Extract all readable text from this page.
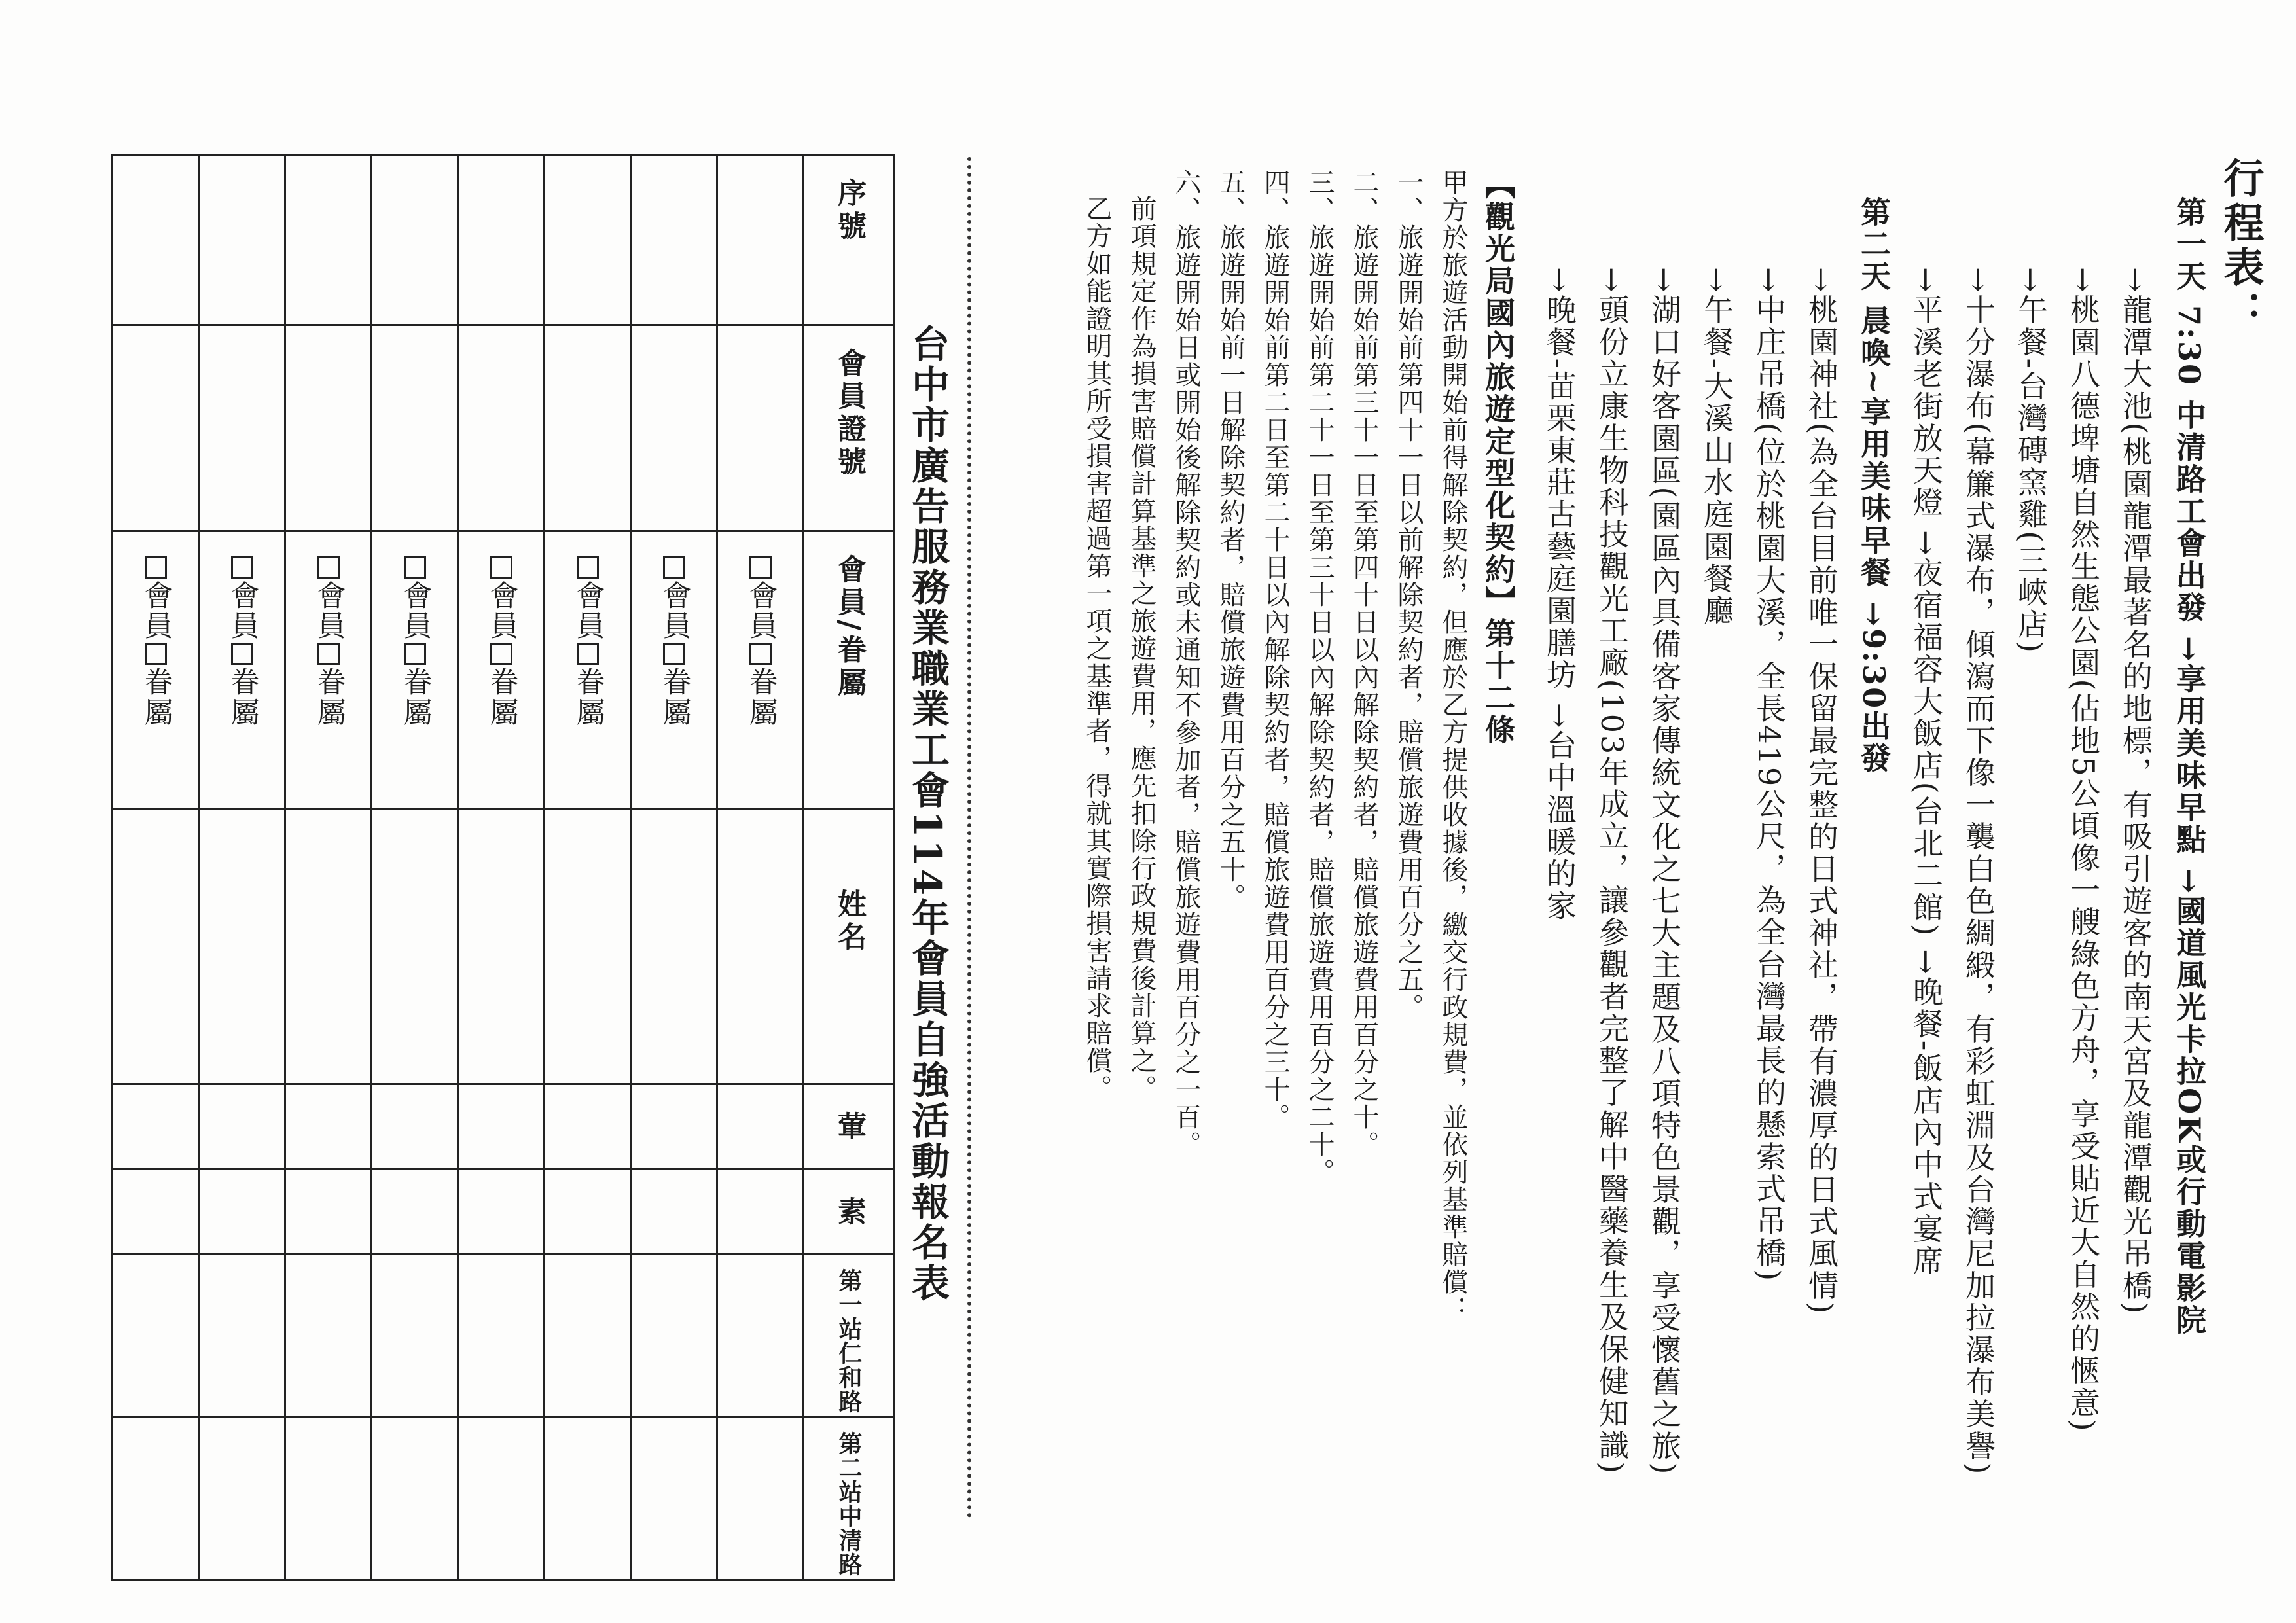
行程表：
第一天 7:30 中清路工會出發 →享用美味早點 →國道風光卡拉OK或行動電影院
→龍潭大池(桃園龍潭最著名的地標，有吸引遊客的南天宮及龍潭觀光吊橋)
→桃園八德埤塘自然生態公園(佔地5公頃像一艘綠色方舟，享受貼近大自然的愜意)
→午餐-台灣磚窯雞(三峽店)
→十分瀑布(幕簾式瀑布，傾瀉而下像一襲白色綢緞，有彩虹淵及台灣尼加拉瀑布美譽)
→平溪老街放天燈 →夜宿福容大飯店(台北二館) →晚餐-飯店內中式宴席
第二天 晨喚~享用美味早餐 →9:30出發
→桃園神社(為全台目前唯一保留最完整的日式神社，帶有濃厚的日式風情)
→中庄吊橋(位於桃園大溪，全長419公尺，為全台灣最長的懸索式吊橋)
→午餐-大溪山水庭園餐廳
→湖口好客園區(園區內具備客家傳統文化之七大主題及八項特色景觀，享受懷舊之旅)
→頭份立康生物科技觀光工廠(103年成立，讓參觀者完整了解中醫藥養生及保健知識)
→晚餐-苗栗東莊古藝庭園膳坊 →台中溫暖的家
【觀光局國內旅遊定型化契約】第十二條
甲方於旅遊活動開始前得解除契約，但應於乙方提供收據後，繳交行政規費，並依列基準賠償：
一、旅遊開始前第四十一日以前解除契約者，賠償旅遊費用百分之五。
二、旅遊開始前第三十一日至第四十日以內解除契約者，賠償旅遊費用百分之十。
三、旅遊開始前第二十一日至第三十日以內解除契約者，賠償旅遊費用百分之二十。
四、旅遊開始前第二日至第二十日以內解除契約者，賠償旅遊費用百分之三十。
五、旅遊開始前一日解除契約者，賠償旅遊費用百分之五十。
六、旅遊開始日或開始後解除契約或未通知不參加者，賠償旅遊費用百分之一百。
前項規定作為損害賠償計算基準之旅遊費用，應先扣除行政規費後計算之。
乙方如能證明其所受損害超過第一項之基準者，得就其實際損害請求賠償。
台中市廣告服務業職業工會114年會員自強活動報名表
								序號
								會員證號
會員眷屬	會員眷屬	會員眷屬	會員眷屬	會員眷屬	會員眷屬	會員眷屬	會員眷屬	會員/眷屬
								姓名
								葷
								素
								第一站仁和路
								第二站中清路
